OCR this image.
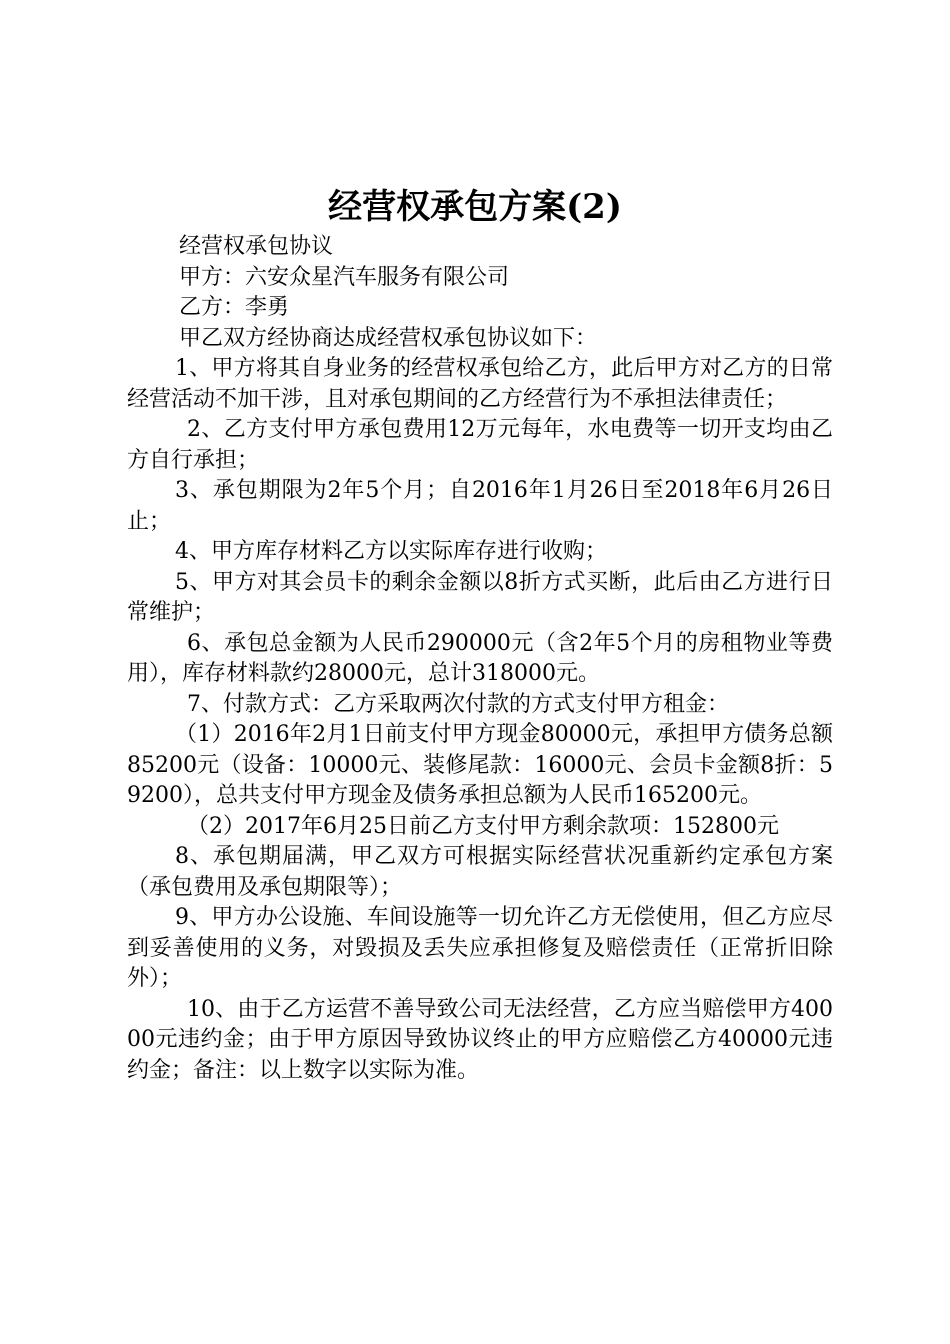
经营权承包方案(2)

经营权承包协议

甲方：六安众星汽车服务有限公司

乙方：李勇

甲乙双方经协商达成经营权承包协议如下：

1、甲方将其自身业务的经营权承包给乙方，此后甲方对乙方的日常经营活动不加干涉，且对承包期间的乙方经营行为不承担法律责任；

2、乙方支付甲方承包费用12万元每年，水电费等一切开支均由乙方自行承担；

3、承包期限为2年5个月；自2016年1月26日至2018年6月26日止；

4、甲方库存材料乙方以实际库存进行收购；

5、甲方对其会员卡的剩余金额以8折方式买断，此后由乙方进行日常维护；

6、承包总金额为人民币290000元（含2年5个月的房租物业等费用），库存材料款约28000元，总计318000元。

7、付款方式：乙方采取两次付款的方式支付甲方租金：

（1）2016年2月1日前支付甲方现金80000元，承担甲方债务总额85200元（设备：10000元、装修尾款：16000元、会员卡金额8折：59200），总共支付甲方现金及债务承担总额为人民币165200元。

（2）2017年6月25日前乙方支付甲方剩余款项：152800元

8、承包期届满，甲乙双方可根据实际经营状况重新约定承包方案（承包费用及承包期限等）；

9、甲方办公设施、车间设施等一切允许乙方无偿使用，但乙方应尽到妥善使用的义务，对毁损及丢失应承担修复及赔偿责任（正常折旧除外）；

10、由于乙方运营不善导致公司无法经营，乙方应当赔偿甲方40000元违约金；由于甲方原因导致协议终止的甲方应赔偿乙方40000元违约金；备注：以上数字以实际为准。
